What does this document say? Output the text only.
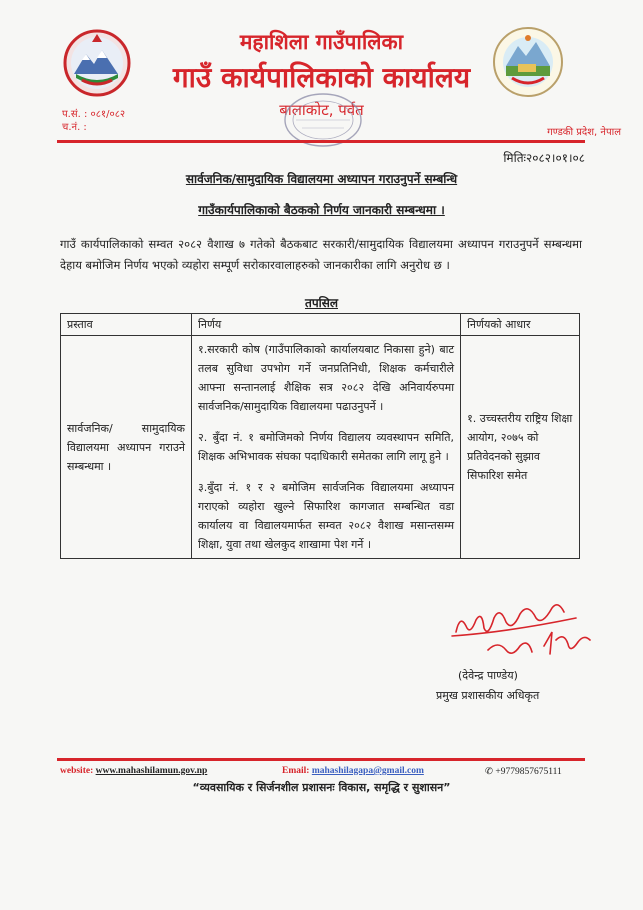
महाशिला गाउँपालिका
गाउँ कार्यपालिकाको कार्यालय
बालाकोट, पर्वत
प.सं. : ०८१/०८२
च.नं. :	गण्डकी प्रदेश, नेपाल
मितिः२०८२।०१।०८
सार्वजनिक/सामुदायिक विद्यालयमा अध्यापन गराउनुपर्ने सम्बन्धि
गाउँकार्यपालिकाको बैठकको निर्णय जानकारी सम्बन्धमा ।
गाउँ कार्यपालिकाको सम्वत २०८२ वैशाख ७ गतेको बैठकबाट सरकारी/सामुदायिक विद्यालयमा अध्यापन गराउनुपर्ने सम्बन्धमा देहाय बमोजिम निर्णय भएको व्यहोरा सम्पूर्ण सरोकारवालाहरुको जानकारीका लागि अनुरोध छ ।
तपसिल
प्रस्ताव	निर्णय	निर्णयको आधार
सार्वजनिक/ सामुदायिक विद्यालयमा अध्यापन गराउने सम्बन्धमा ।	१.सरकारी कोष (गाउँपालिकाको कार्यालयबाट निकासा हुने) बाट तलब सुविधा उपभोग गर्ने जनप्रतिनिधी, शिक्षक कर्मचारीले आफ्ना सन्तानलाई शैक्षिक सत्र २०८२ देखि अनिवार्यरुपमा सार्वजनिक/सामुदायिक विद्यालयमा पढाउनुपर्ने ।

२. बुँदा नं. १ बमोजिमको निर्णय विद्यालय व्यवस्थापन समिति, शिक्षक अभिभावक संघका पदाधिकारी समेतका लागि लागू हुने ।

३.बुँदा नं. १ र २ बमोजिम सार्वजनिक विद्यालयमा अध्यापन गराएको व्यहोरा खुल्ने सिफारिश कागजात सम्बन्धित वडा कार्यालय वा विद्यालयमार्फत सम्वत २०८२ वैशाख मसान्तसम्म शिक्षा, युवा तथा खेलकुद शाखामा पेश गर्ने ।	१. उच्चस्तरीय राष्ट्रिय शिक्षा आयोग, २०७५ को प्रतिवेदनको सुझाव सिफारिश समेत
(देवेन्द्र पाण्डेय)
प्रमुख प्रशासकीय अधिकृत
website: www.mahashilamun.gov.np	Email: mahashilagapa@gmail.com	✆ +9779857675111
“व्यवसायिक र सिर्जनशील प्रशासनः विकास, समृद्धि र सुशासन”
